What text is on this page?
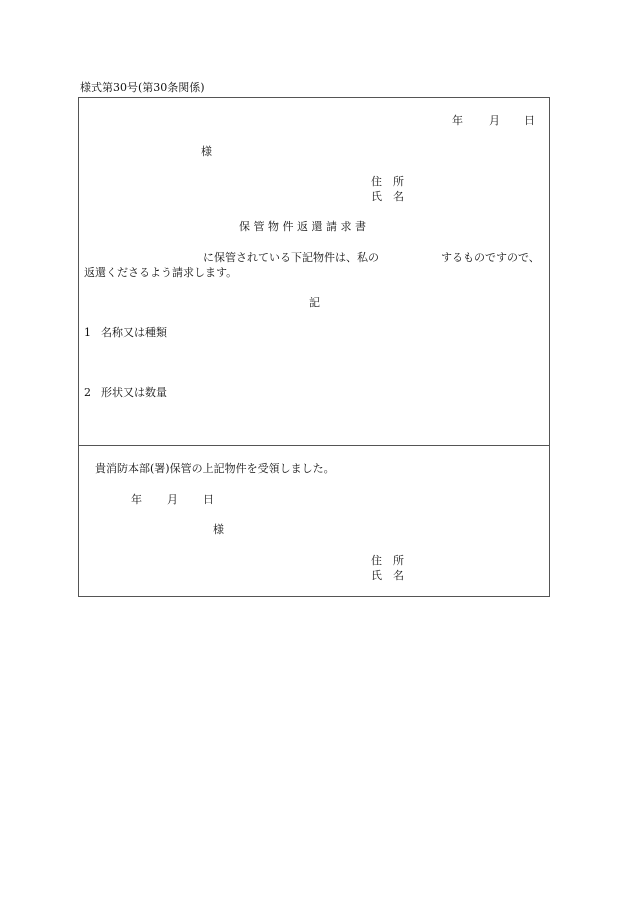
様式第30号(第30条関係)
年 月 日
様
住　所
氏　名
保 管 物 件 返 還 請 求 書
に保管されている下記物件は、私の	するものですので、
返還くださるよう請求します。
記
1 名称又は種類
2 形状又は数量
貴消防本部(署)保管の上記物件を受領しました。
年 月 日
様
住　所
氏　名
